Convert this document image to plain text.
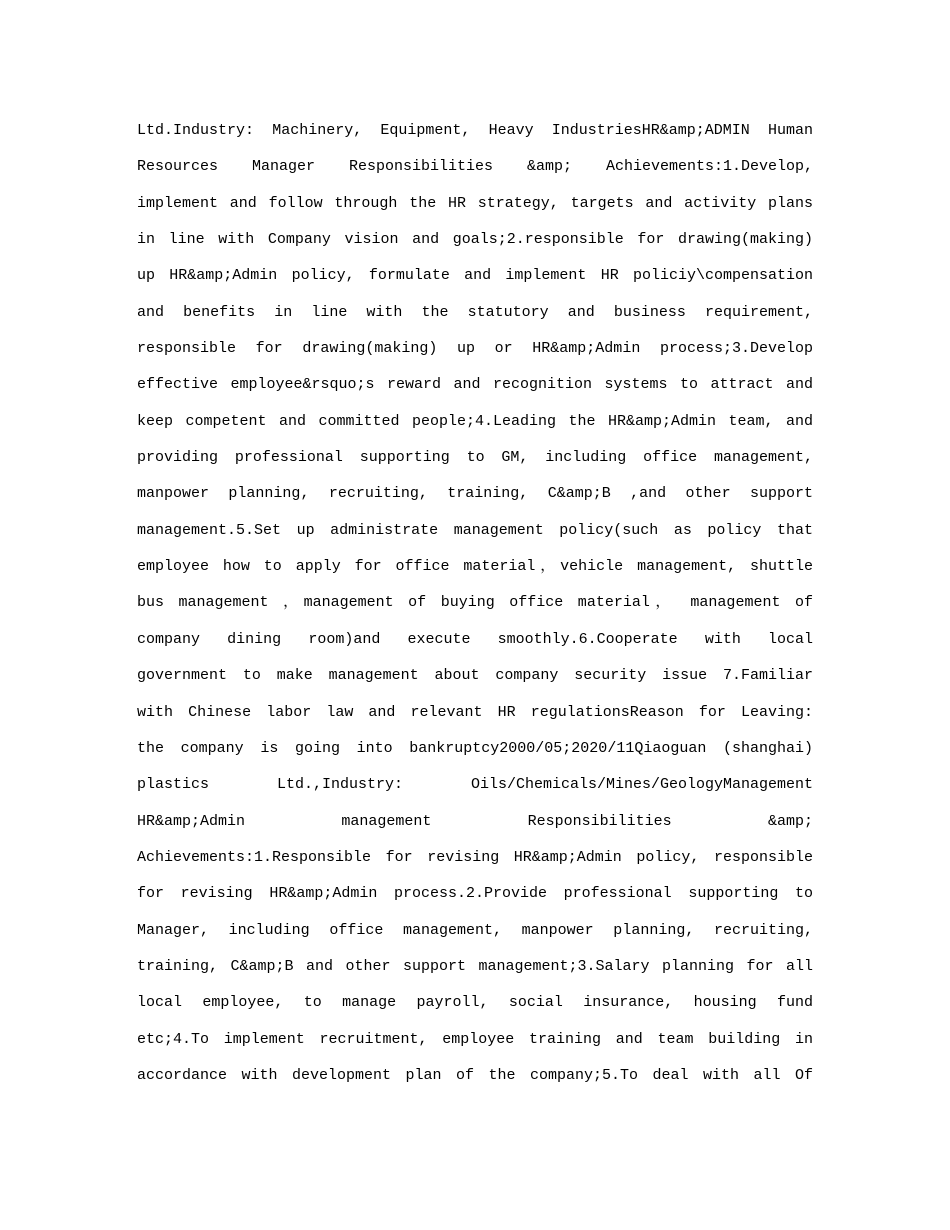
Ltd.Industry: Machinery, Equipment, Heavy IndustriesHR&amp;ADMIN Human
Resources Manager Responsibilities &amp; Achievements:1.Develop,
implement and follow through the HR strategy, targets and activity plans
in line with Company vision and goals;2.responsible for drawing(making)
up HR&amp;Admin policy, formulate and implement HR policiy\compensation
and benefits in line with the statutory and business requirement,
responsible for drawing(making) up or HR&amp;Admin process;3.Develop
effective employee&rsquo;s reward and recognition systems to attract and
keep competent and committed people;4.Leading the HR&amp;Admin team, and
providing professional supporting to GM, including office management,
manpower planning, recruiting, training, C&amp;B ,and other support
management.5.Set up administrate management policy(such as policy that
employee how to apply for office material，vehicle management, shuttle
bus management ，management of buying office material， management of
company dining room)and execute smoothly.6.Cooperate with local
government to make management about company security issue 7.Familiar
with Chinese labor law and relevant HR regulationsReason for Leaving:
the company is going into bankruptcy2000/05;2020/11Qiaoguan (shanghai)
plastics Ltd.,Industry: Oils/Chemicals/Mines/GeologyManagement
HR&amp;Admin management Responsibilities &amp;
Achievements:1.Responsible for revising HR&amp;Admin policy, responsible
for revising HR&amp;Admin process.2.Provide professional supporting to
Manager, including office management, manpower planning, recruiting,
training, C&amp;B and other support management;3.Salary planning for all
local employee, to manage payroll, social insurance, housing fund
etc;4.To implement recruitment, employee training and team building in
accordance with development plan of the company;5.To deal with all Of
